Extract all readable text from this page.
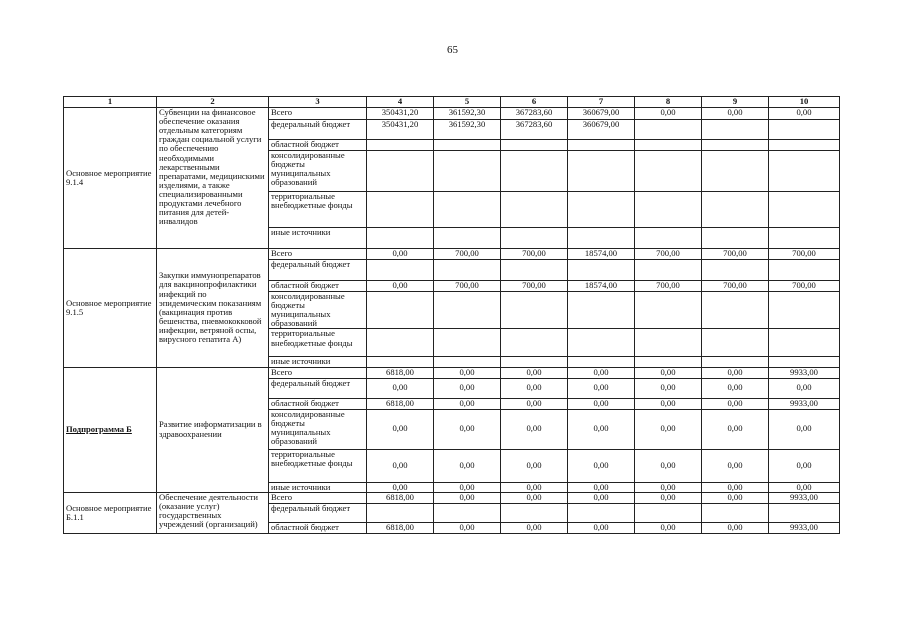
65
1	2	3	4	5	6	7	8	9	10
Основное мероприятие 9.1.4	Субвенции на финансовое обеспечение оказания отдельным категориям граждан социальной услуги по обеспечению необходимыми лекарственными препаратами, медицинскими изделиями, а также специализированными продуктами лечебного питания для детей-инвалидов	Всего	350431,20	361592,30	367283,60	360679,00	0,00	0,00	0,00
		федеральный бюджет	350431,20	361592,30	367283,60	360679,00			
		областной бюджет							
		консолидированные бюджеты муниципальных образований							
		территориальные внебюджетные фонды							
		иные источники							
Основное мероприятие 9.1.5	Закупки иммунопрепаратов для вакцинопрофилактики инфекций по эпидемическим показаниям (вакцинация против бешенства, пневмококковой инфекции, ветряной оспы, вирусного гепатита А)	Всего	0,00	700,00	700,00	18574,00	700,00	700,00	700,00
		федеральный бюджет							
		областной бюджет	0,00	700,00	700,00	18574,00	700,00	700,00	700,00
		консолидированные бюджеты муниципальных образований							
		территориальные внебюджетные фонды							
		иные источники							
Подпрограмма Б	Развитие информатизации в здравоохранении	Всего	6818,00	0,00	0,00	0,00	0,00	0,00	9933,00
		федеральный бюджет	0,00	0,00	0,00	0,00	0,00	0,00	0,00
		областной бюджет	6818,00	0,00	0,00	0,00	0,00	0,00	9933,00
		консолидированные бюджеты муниципальных образований	0,00	0,00	0,00	0,00	0,00	0,00	0,00
		территориальные внебюджетные фонды	0,00	0,00	0,00	0,00	0,00	0,00	0,00
		иные источники	0,00	0,00	0,00	0,00	0,00	0,00	0,00
Основное мероприятие Б.1.1	Обеспечение деятельности (оказание услуг) государственных учреждений (организаций)	Всего	6818,00	0,00	0,00	0,00	0,00	0,00	9933,00
		федеральный бюджет							
		областной бюджет	6818,00	0,00	0,00	0,00	0,00	0,00	9933,00
